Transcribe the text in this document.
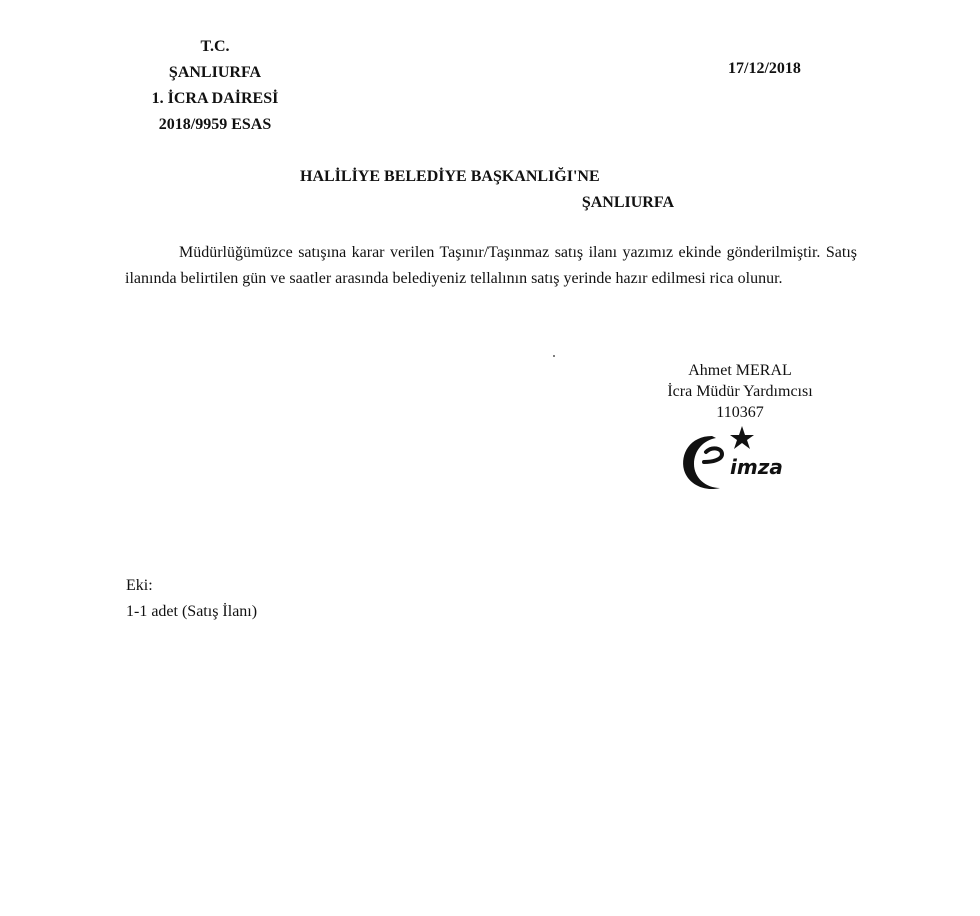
T.C.
ŞANLIURFA
1. İCRA DAİRESİ
2018/9959 ESAS
17/12/2018
HALİLİYE BELEDİYE BAŞKANLIĞI'NE
ŞANLIURFA
Müdürlüğümüzce satışına karar verilen Taşınır/Taşınmaz satış ilanı yazımız ekinde gönderilmiştir. Satış ilanında belirtilen gün ve saatler arasında belediyeniz tellalının satış yerinde hazır edilmesi rica olunur.
Ahmet MERAL
İcra Müdür Yardımcısı
110367
imza
Eki:
1-1 adet (Satış İlanı)
